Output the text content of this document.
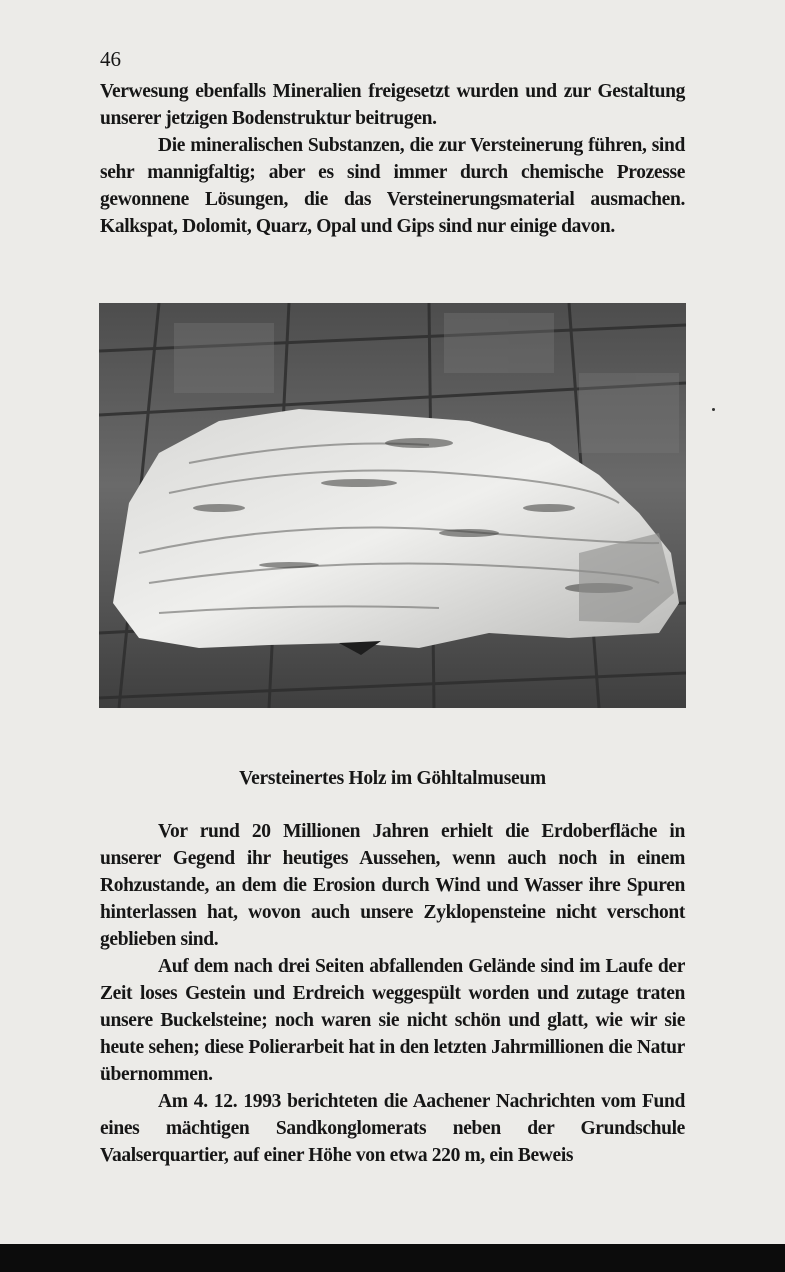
46

Verwesung ebenfalls Mineralien freigesetzt wurden und zur Gestaltung unserer jetzigen Bodenstruktur beitrugen.

Die mineralischen Substanzen, die zur Versteinerung führen, sind sehr mannigfaltig; aber es sind immer durch chemische Prozesse gewonnene Lösungen, die das Versteinerungsmaterial ausmachen. Kalkspat, Dolomit, Quarz, Opal und Gips sind nur einige davon.

Versteinertes Holz im Göhltalmuseum

Vor rund 20 Millionen Jahren erhielt die Erdoberfläche in unserer Gegend ihr heutiges Aussehen, wenn auch noch in einem Rohzustande, an dem die Erosion durch Wind und Wasser ihre Spuren hinterlassen hat, wovon auch unsere Zyklopensteine nicht verschont geblieben sind.

Auf dem nach drei Seiten abfallenden Gelände sind im Laufe der Zeit loses Gestein und Erdreich weggespült worden und zutage traten unsere Buckelsteine; noch waren sie nicht schön und glatt, wie wir sie heute sehen; diese Polierarbeit hat in den letzten Jahrmillionen die Natur übernommen.

Am 4. 12. 1993 berichteten die Aachener Nachrichten vom Fund eines mächtigen Sandkonglomerats neben der Grundschule Vaalserquartier, auf einer Höhe von etwa 220 m, ein Beweis
